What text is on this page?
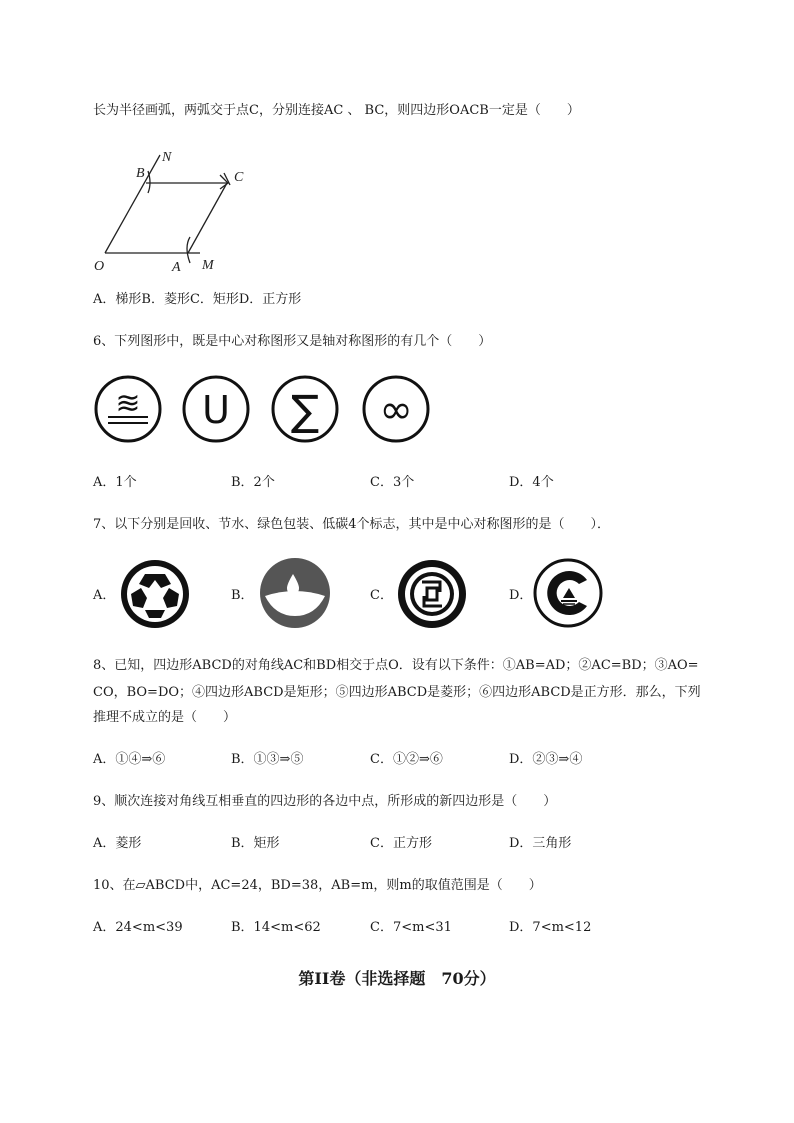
长为半径画弧，两弧交于点C，分别连接AC 、 BC，则四边形OACB一定是（　　）
N
B	C
O	A M
A．梯形B．菱形C．矩形D．正方形
6、下列图形中，既是中心对称图形又是轴对称图形的有几个（　　）
≋ U ∑ ∞
A．1个	B．2个	C．3个	D．4个
7、以下分别是回收、节水、绿色包装、低碳4个标志，其中是中心对称图形的是（　　）．
A．	B．	C．	D．
8、已知，四边形ABCD的对角线AC和BD相交于点O．设有以下条件：①AB=AD；②AC=BD；③AO=
CO，BO=DO；④四边形ABCD是矩形；⑤四边形ABCD是菱形；⑥四边形ABCD是正方形．那么，下列
推理不成立的是（　　）
A．①④⇒⑥	B．①③⇒⑤	C．①②⇒⑥	D．②③⇒④
9、顺次连接对角线互相垂直的四边形的各边中点，所形成的新四边形是（　　）
A．菱形	B．矩形	C．正方形	D．三角形
10、在▱ABCD中，AC=24，BD=38，AB=m，则m的取值范围是（　　）
A．24<m<39	B．14<m<62	C．7<m<31	D．7<m<12
第II卷（非选择题　70分）
